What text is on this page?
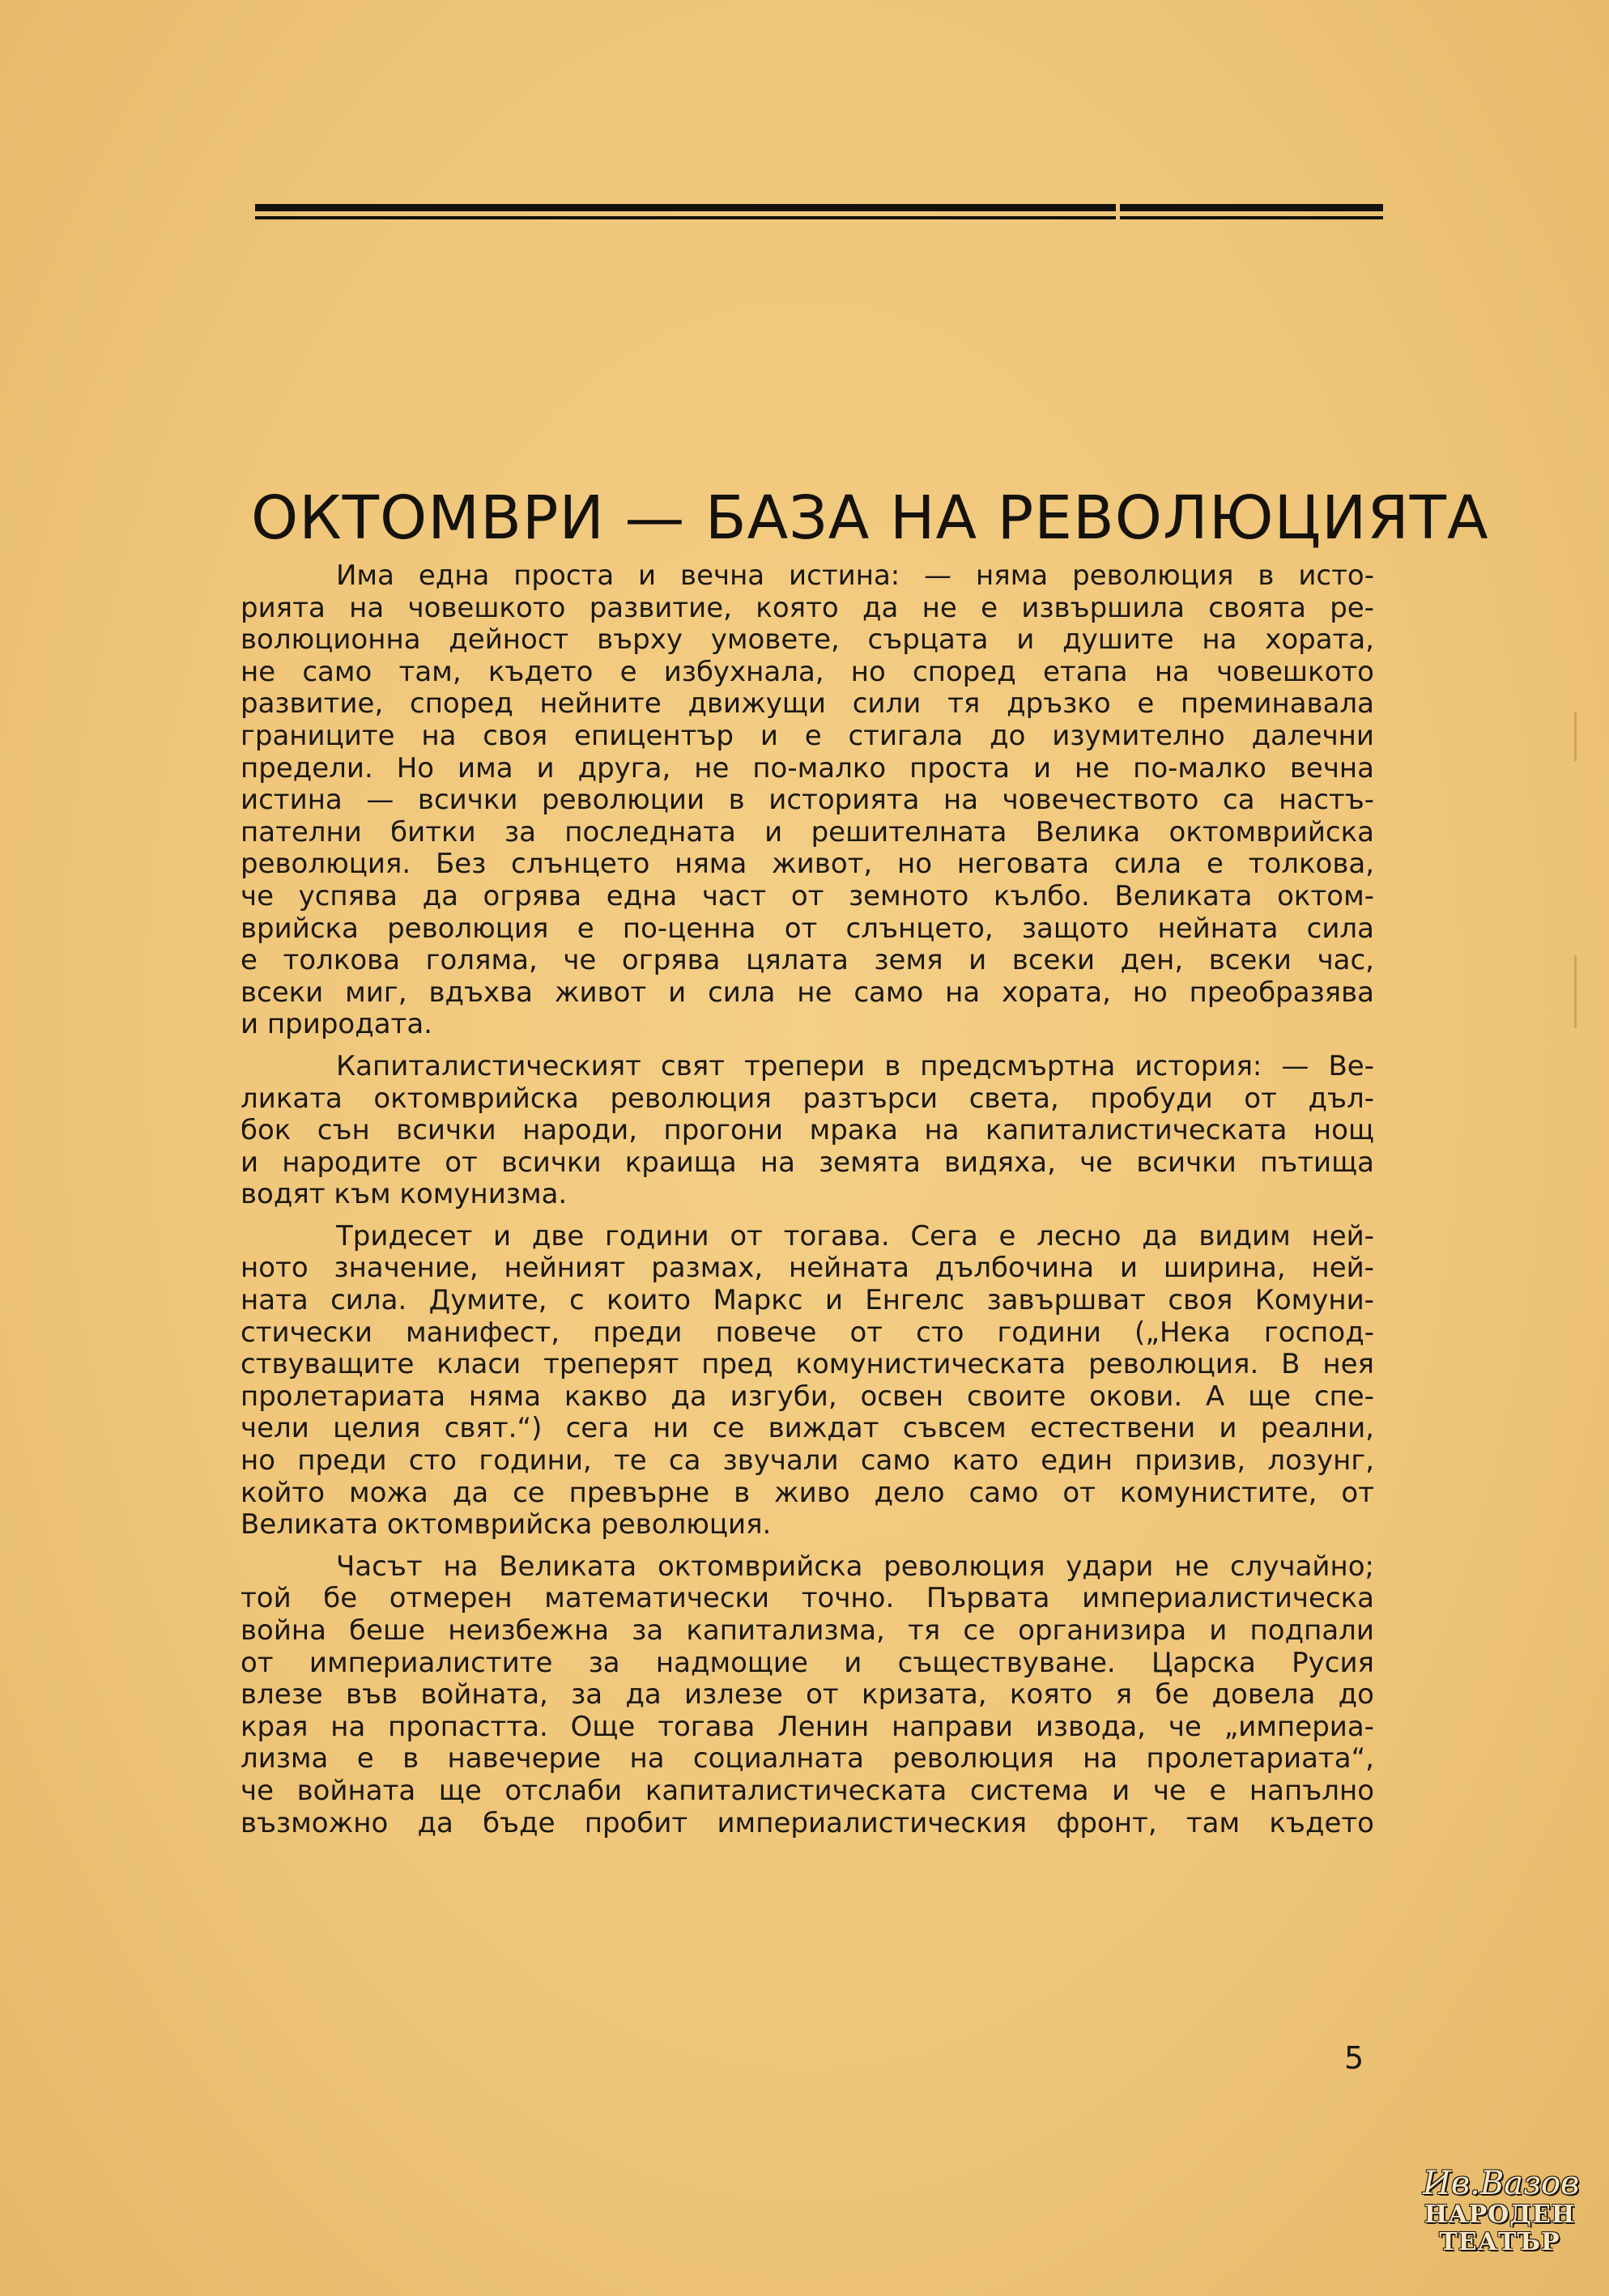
ОКТОМВРИ — БАЗА НА РЕВОЛЮЦИЯТА
Има една проста и вечна истина: — няма революция в исто-
рията на човешкото развитие, която да не е извършила своята ре-
волюционна дейност върху умовете, сърцата и душите на хората,
не само там, където е избухнала, но според етапа на човешкото
развитие, според нейните движущи сили тя дръзко е преминавала
границите на своя епицентър и е стигала до изумително далечни
предели. Но има и друга, не по-малко проста и не по-малко вечна
истина — всички революции в историята на човечеството са настъ-
пателни битки за последната и решителната Велика октомврийска
революция. Без слънцето няма живот, но неговата сила е толкова,
че успява да огрява една част от земното кълбо. Великата октом-
врийска революция е по-ценна от слънцето, защото нейната сила
е толкова голяма, че огрява цялата земя и всеки ден, всеки час,
всеки миг, вдъхва живот и сила не само на хората, но преобразява
и природата.
Капиталистическият свят трепери в предсмъртна история: — Ве-
ликата октомврийска революция разтърси света, пробуди от дъл-
бок сън всички народи, прогони мрака на капиталистическата нощ
и народите от всички краища на земята видяха, че всички пътища
водят към комунизма.
Тридесет и две години от тогава. Сега е лесно да видим ней-
ното значение, нейният размах, нейната дълбочина и ширина, ней-
ната сила. Думите, с които Маркс и Енгелс завършват своя Комуни-
стически манифест, преди повече от сто години („Нека господ-
ствуващите класи треперят пред комунистическата революция. В нея
пролетариата няма какво да изгуби, освен своите окови. А ще спе-
чели целия свят.“) сега ни се виждат съвсем естествени и реални,
но преди сто години, те са звучали само като един призив, лозунг,
който можа да се превърне в живо дело само от комунистите, от
Великата октомврийска революция.
Часът на Великата октомврийска революция удари не случайно;
той бе отмерен математически точно. Първата империалистическа
война беше неизбежна за капитализма, тя се организира и подпали
от империалистите за надмощие и съществуване. Царска Русия
влезе във войната, за да излезе от кризата, която я бе довела до
края на пропастта. Още тогава Ленин направи извода, че „империа-
лизма е в навечерие на социалната революция на пролетариата“,
че войната ще отслаби капиталистическата система и че е напълно
възможно да бъде пробит империалистическия фронт, там където
5
Ив.Вазов
НАРОДЕН
ТЕАТЪР
